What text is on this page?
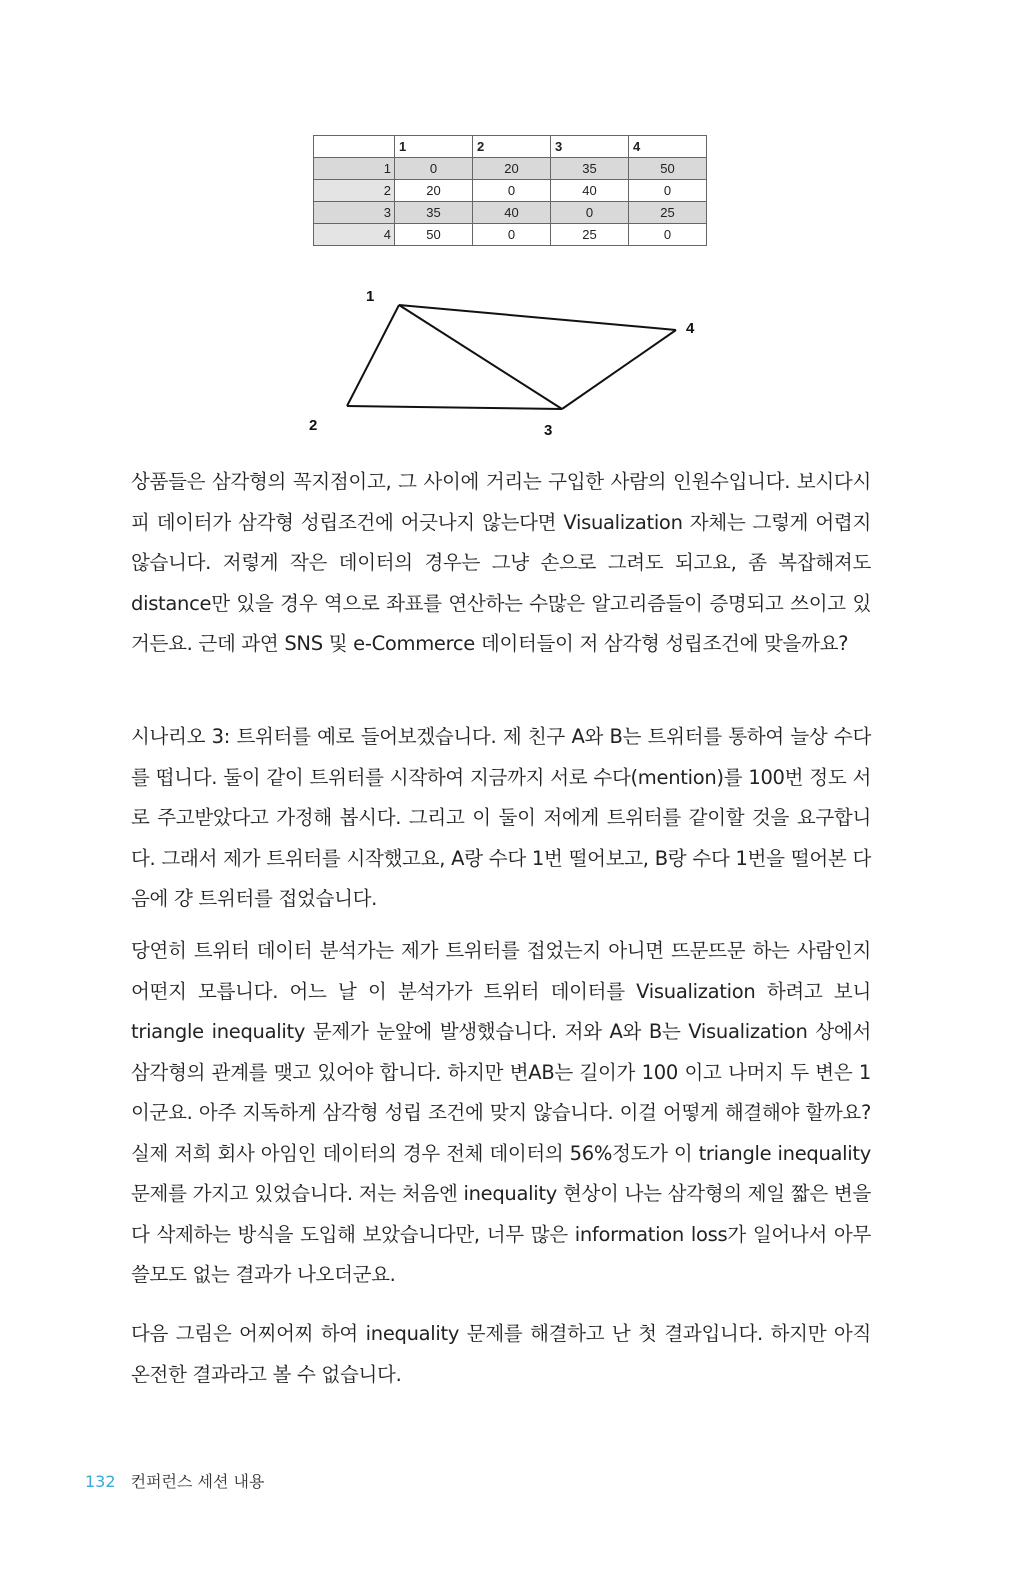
	1	2	3	4
1	0	20	35	50
2	20	0	40	0
3	35	40	0	25
4	50	0	25	0
1
2	3
4

상품들은 삼각형의 꼭지점이고, 그 사이에 거리는 구입한 사람의 인원수입니다. 보시다시피 데이터가 삼각형 성립조건에 어긋나지 않는다면 Visualization 자체는 그렇게 어렵지 않습니다. 저렇게 작은 데이터의 경우는 그냥 손으로 그려도 되고요, 좀 복잡해져도 distance만 있을 경우 역으로 좌표를 연산하는 수많은 알고리즘들이 증명되고 쓰이고 있거든요. 근데 과연 SNS 및 e-Commerce 데이터들이 저 삼각형 성립조건에 맞을까요?

시나리오 3: 트위터를 예로 들어보겠습니다. 제 친구 A와 B는 트위터를 통하여 늘상 수다를 떱니다. 둘이 같이 트위터를 시작하여 지금까지 서로 수다(mention)를 100번 정도 서로 주고받았다고 가정해 봅시다. 그리고 이 둘이 저에게 트위터를 같이할 것을 요구합니다. 그래서 제가 트위터를 시작했고요, A랑 수다 1번 떨어보고, B랑 수다 1번을 떨어본 다음에 걍 트위터를 접었습니다.

당연히 트위터 데이터 분석가는 제가 트위터를 접었는지 아니면 뜨문뜨문 하는 사람인지 어떤지 모릅니다. 어느 날 이 분석가가 트위터 데이터를 Visualization 하려고 보니 triangle inequality 문제가 눈앞에 발생했습니다. 저와 A와 B는 Visualization 상에서 삼각형의 관계를 맺고 있어야 합니다. 하지만 변AB는 길이가 100 이고 나머지 두 변은 1이군요. 아주 지독하게 삼각형 성립 조건에 맞지 않습니다. 이걸 어떻게 해결해야 할까요? 실제 저희 회사 아임인 데이터의 경우 전체 데이터의 56%정도가 이 triangle inequality 문제를 가지고 있었습니다. 저는 처음엔 inequality 현상이 나는 삼각형의 제일 짧은 변을 다 삭제하는 방식을 도입해 보았습니다만, 너무 많은 information loss가 일어나서 아무 쓸모도 없는 결과가 나오더군요.

다음 그림은 어찌어찌 하여 inequality 문제를 해결하고 난 첫 결과입니다. 하지만 아직 온전한 결과라고 볼 수 없습니다.

132 컨퍼런스 세션 내용
